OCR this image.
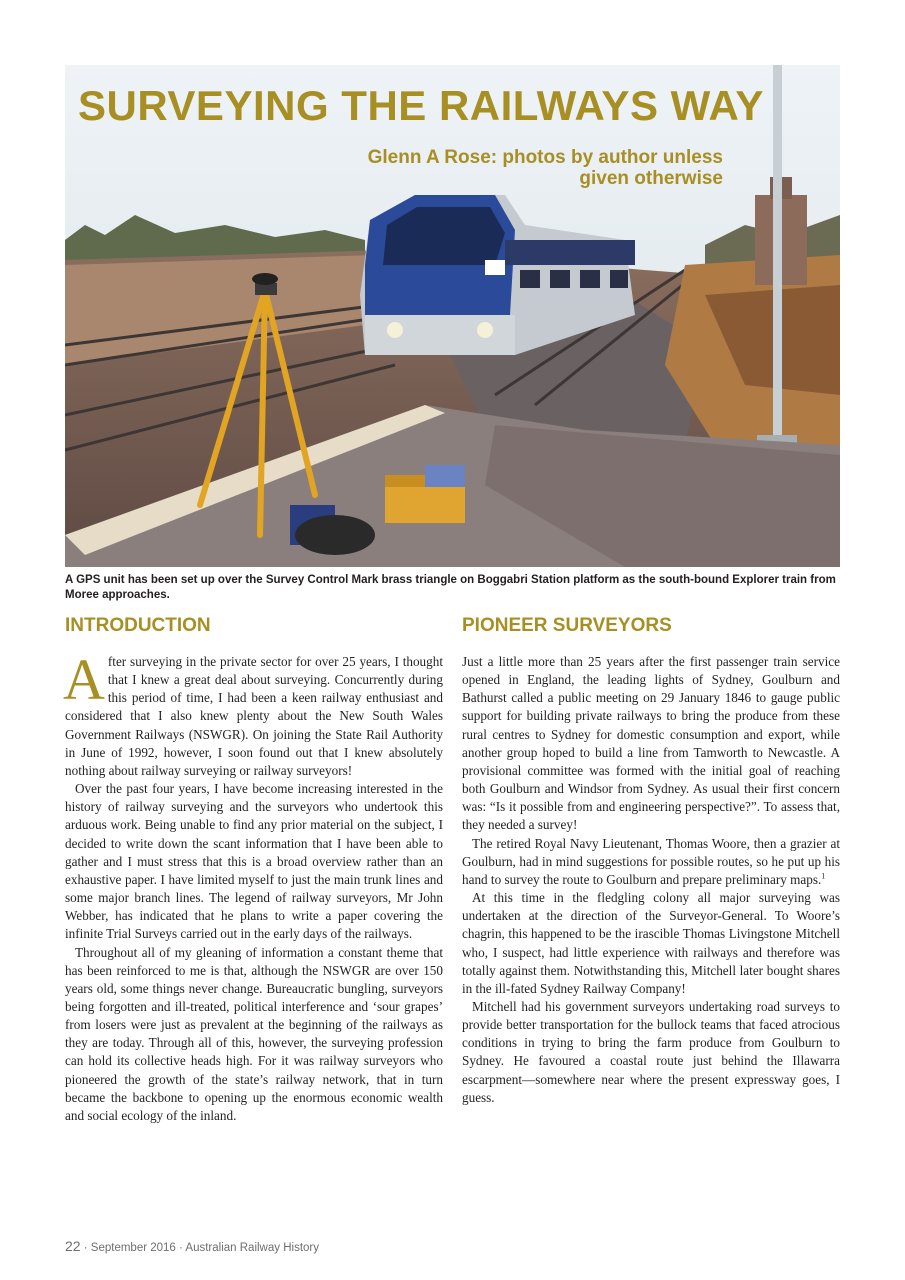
SURVEYING THE RAILWAYS WAY
Glenn A Rose: photos by author unless
given otherwise

A GPS unit has been set up over the Survey Control Mark brass triangle on Boggabri Station platform as the south-bound Explorer train from Moree approaches.

INTRODUCTION	PIONEER SURVEYORS

After surveying in the private sector for over 25 years, I thought that I knew a great deal about surveying. Concurrently during this period of time, I had been a keen railway enthusiast and considered that I also knew plenty about the New South Wales Government Railways (NSWGR). On joining the State Rail Authority in June of 1992, however, I soon found out that I knew absolutely nothing about railway surveying or railway surveyors!

Over the past four years, I have become increasing interested in the history of railway surveying and the surveyors who undertook this arduous work. Being unable to find any prior material on the subject, I decided to write down the scant information that I have been able to gather and I must stress that this is a broad overview rather than an exhaustive paper. I have limited myself to just the main trunk lines and some major branch lines. The legend of railway surveyors, Mr John Webber, has indicated that he plans to write a paper covering the infinite Trial Surveys carried out in the early days of the railways.

Throughout all of my gleaning of information a constant theme that has been reinforced to me is that, although the NSWGR are over 150 years old, some things never change. Bureaucratic bungling, surveyors being forgotten and ill-treated, political interference and ‘sour grapes’ from losers were just as prevalent at the beginning of the railways as they are today. Through all of this, however, the surveying profession can hold its collective heads high. For it was railway surveyors who pioneered the growth of the state’s railway network, that in turn became the backbone to opening up the enormous economic wealth and social ecology of the inland.

Just a little more than 25 years after the first passenger train service opened in England, the leading lights of Sydney, Goulburn and Bathurst called a public meeting on 29 January 1846 to gauge public support for building private railways to bring the produce from these rural centres to Sydney for domestic consumption and export, while another group hoped to build a line from Tamworth to Newcastle. A provisional committee was formed with the initial goal of reaching both Goulburn and Windsor from Sydney. As usual their first concern was: “Is it possible from and engineering perspective?”. To assess that, they needed a survey!

The retired Royal Navy Lieutenant, Thomas Woore, then a grazier at Goulburn, had in mind suggestions for possible routes, so he put up his hand to survey the route to Goulburn and prepare preliminary maps.$^1$

At this time in the fledgling colony all major surveying was undertaken at the direction of the Surveyor-General. To Woore’s chagrin, this happened to be the irascible Thomas Livingstone Mitchell who, I suspect, had little experience with railways and therefore was totally against them. Notwithstanding this, Mitchell later bought shares in the ill-fated Sydney Railway Company!

Mitchell had his government surveyors undertaking road surveys to provide better transportation for the bullock teams that faced atrocious conditions in trying to bring the farm produce from Goulburn to Sydney. He favoured a coastal route just behind the Illawarra escarpment—somewhere near where the present expressway goes, I guess.

22 · September 2016 · Australian Railway History
